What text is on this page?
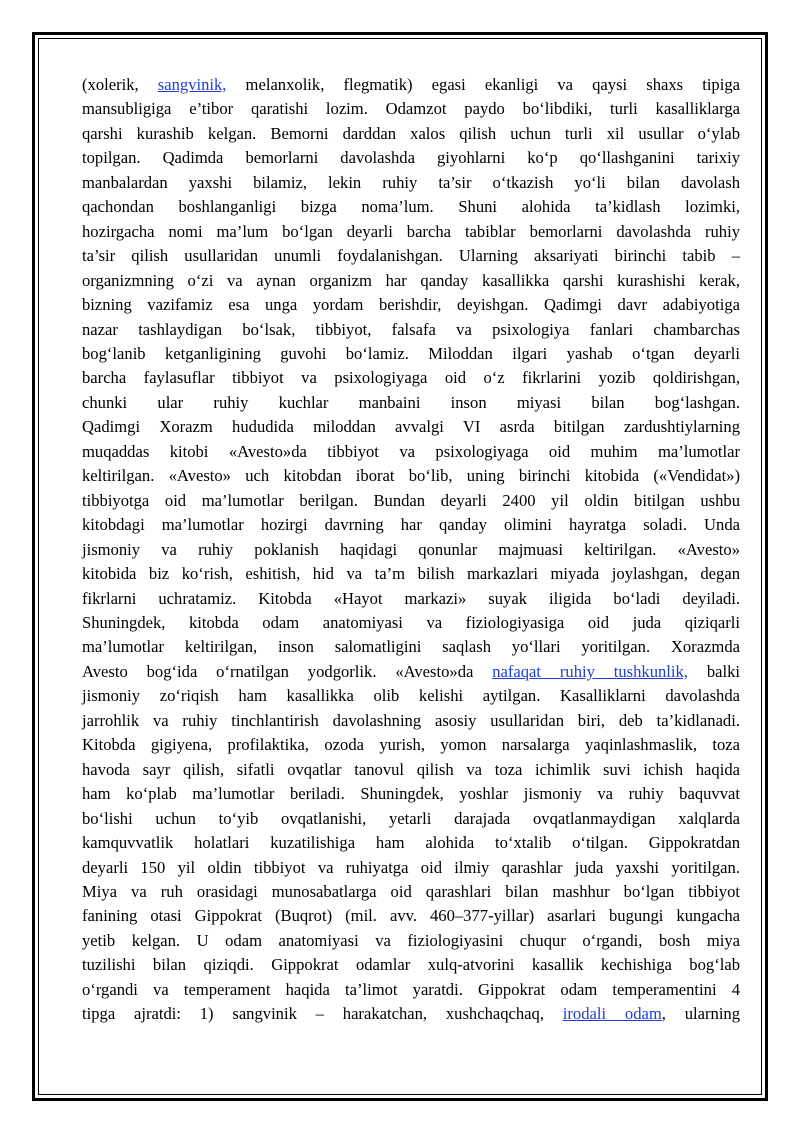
(xolerik, sangvinik, melanxolik, flegmatik) egasi ekanligi va qaysi shaxs tipiga
mansubligiga e’tibor qaratishi lozim. Odamzot paydo bo‘libdiki, turli kasalliklarga
qarshi kurashib kelgan. Bemorni darddan xalos qilish uchun turli xil usullar o‘ylab
topilgan. Qadimda bemorlarni davolashda giyohlarni ko‘p qo‘llashganini tarixiy
manbalardan yaxshi bilamiz, lekin ruhiy ta’sir o‘tkazish yo‘li bilan davolash
qachondan boshlanganligi bizga noma’lum. Shuni alohida ta’kidlash lozimki,
hozirgacha nomi ma’lum bo‘lgan deyarli barcha tabiblar bemorlarni davolashda ruhiy
ta’sir qilish usullaridan unumli foydalanishgan. Ularning aksariyati birinchi tabib –
organizmning o‘zi va aynan organizm har qanday kasallikka qarshi kurashishi kerak,
bizning vazifamiz esa unga yordam berishdir, deyishgan. Qadimgi davr adabiyotiga
nazar tashlaydigan bo‘lsak, tibbiyot, falsafa va psixologiya fanlari chambarchas
bog‘lanib ketganligining guvohi bo‘lamiz. Miloddan ilgari yashab o‘tgan deyarli
barcha faylasuflar tibbiyot va psixologiyaga oid o‘z fikrlarini yozib qoldirishgan,
chunki ular ruhiy kuchlar manbaini inson miyasi bilan bog‘lashgan.
Qadimgi Xorazm hududida miloddan avvalgi VI asrda bitilgan zardushtiylarning
muqaddas kitobi «Avesto»da tibbiyot va psixologiyaga oid muhim ma’lumotlar
keltirilgan. «Avesto» uch kitobdan iborat bo‘lib, uning birinchi kitobida («Vendidat»)
tibbiyotga oid ma’lumotlar berilgan. Bundan deyarli 2400 yil oldin bitilgan ushbu
kitobdagi ma’lumotlar hozirgi davrning har qanday olimini hayratga soladi. Unda
jismoniy va ruhiy poklanish haqidagi qonunlar majmuasi keltirilgan. «Avesto»
kitobida biz ko‘rish, eshitish, hid va ta’m bilish markazlari miyada joylashgan, degan
fikrlarni uchratamiz. Kitobda «Hayot markazi» suyak iligida bo‘ladi deyiladi.
Shuningdek, kitobda odam anatomiyasi va fiziologiyasiga oid juda qiziqarli
ma’lumotlar keltirilgan, inson salomatligini saqlash yo‘llari yoritilgan. Xorazmda
Avesto bog‘ida o‘rnatilgan yodgorlik. «Avesto»da nafaqat ruhiy tushkunlik, balki
jismoniy zo‘riqish ham kasallikka olib kelishi aytilgan. Kasalliklarni davolashda
jarrohlik va ruhiy tinchlantirish davolashning asosiy usullaridan biri, deb ta’kidlanadi.
Kitobda gigiyena, profilaktika, ozoda yurish, yomon narsalarga yaqinlashmaslik, toza
havoda sayr qilish, sifatli ovqatlar tanovul qilish va toza ichimlik suvi ichish haqida
ham ko‘plab ma’lumotlar beriladi. Shuningdek, yoshlar jismoniy va ruhiy baquvvat
bo‘lishi uchun to‘yib ovqatlanishi, yetarli darajada ovqatlanmaydigan xalqlarda
kamquvvatlik holatlari kuzatilishiga ham alohida to‘xtalib o‘tilgan. Gippokratdan
deyarli 150 yil oldin tibbiyot va ruhiyatga oid ilmiy qarashlar juda yaxshi yoritilgan.
Miya va ruh orasidagi munosabatlarga oid qarashlari bilan mashhur bo‘lgan tibbiyot
fanining otasi Gippokrat (Buqrot) (mil. avv. 460–377-yillar) asarlari bugungi kungacha
yetib kelgan. U odam anatomiyasi va fiziologiyasini chuqur o‘rgandi, bosh miya
tuzilishi bilan qiziqdi. Gippokrat odamlar xulq-atvorini kasallik kechishiga bog‘lab
o‘rgandi va temperament haqida ta’limot yaratdi. Gippokrat odam temperamentini 4
tipga ajratdi: 1) sangvinik – harakatchan, xushchaqchaq, irodali odam, ularning
